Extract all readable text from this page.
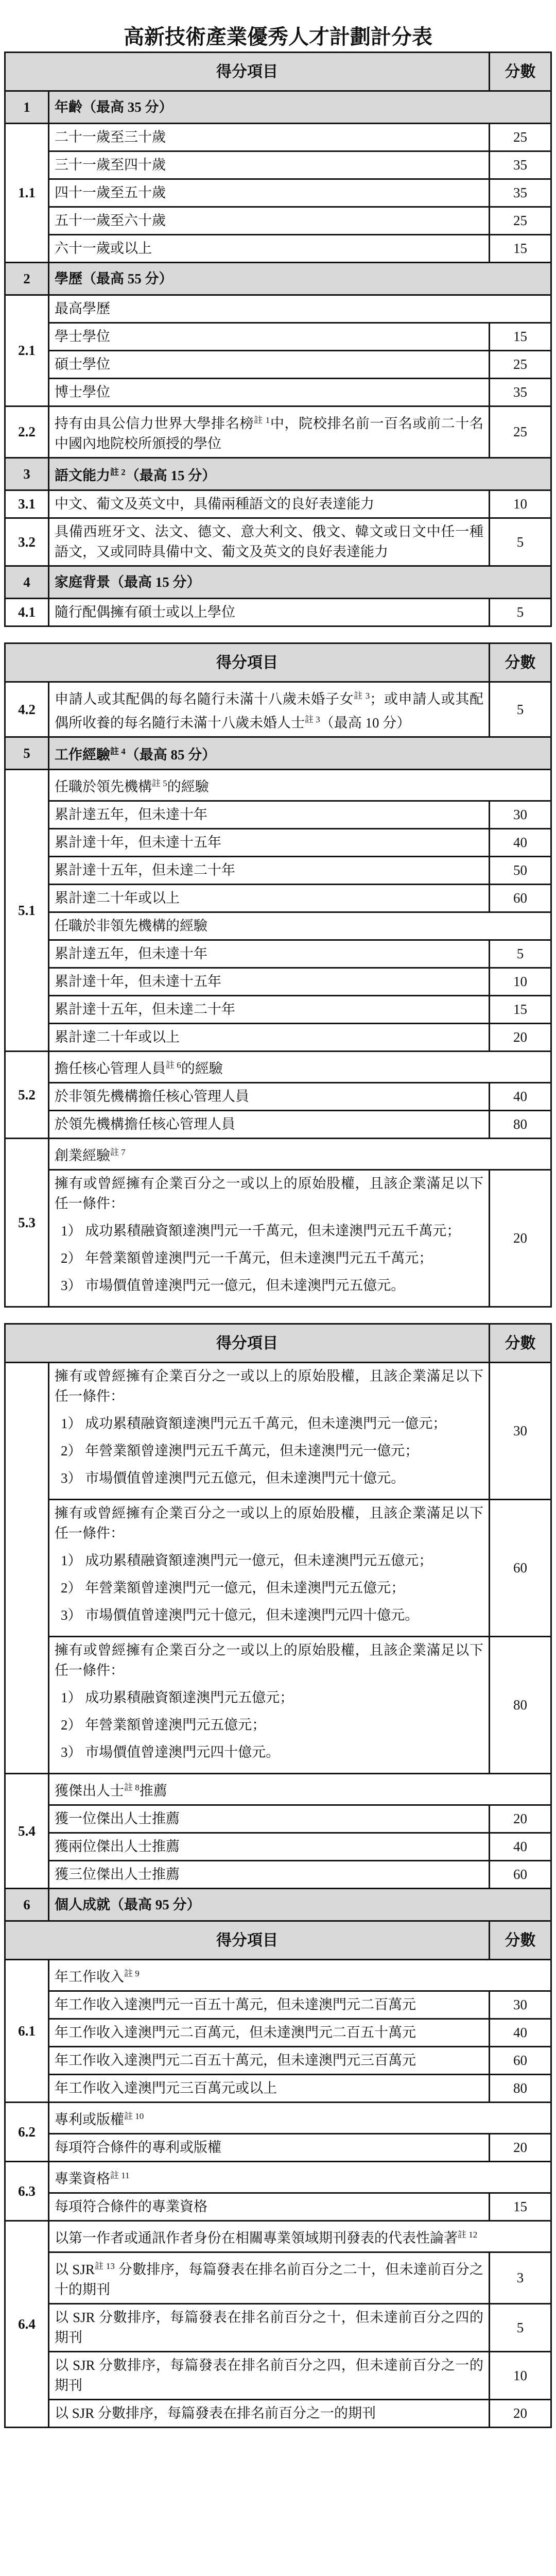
高新技術產業優秀人才計劃計分表
得分項目		分數
1	年齡（最高 35 分）	
1.1	二十一歲至三十歲	25
	三十一歲至四十歲	35
	四十一歲至五十歲	35
	五十一歲至六十歲	25
	六十一歲或以上	15
2	學歷（最高 55 分）	
2.1	最高學歷	
	學士學位	15
	碩士學位	25
	博士學位	35
2.2	持有由具公信力世界大學排名榜$^{註 1}$中，院校排名前一百名或前二十名中國內地院校所頒授的學位	25
3	語文能力$^{註 2}$（最高 15 分）	
3.1	中文、葡文及英文中，具備兩種語文的良好表達能力	10
3.2	具備西班牙文、法文、德文、意大利文、俄文、韓文或日文中任一種語文，又或同時具備中文、葡文及英文的良好表達能力	5
4	家庭背景（最高 15 分）	
4.1	隨行配偶擁有碩士或以上學位	5

得分項目		分數
4.2	申請人或其配偶的每名隨行未滿十八歲未婚子女$^{註 3}$；或申請人或其配偶所收養的每名隨行未滿十八歲未婚人士$^{註 3}$（最高 10 分）	5
5	工作經驗$^{註 4}$（最高 85 分）	
5.1	任職於領先機構$^{註 5}$的經驗	
	累計達五年，但未達十年	30
	累計達十年，但未達十五年	40
	累計達十五年，但未達二十年	50
	累計達二十年或以上	60
	任職於非領先機構的經驗	
	累計達五年，但未達十年	5
	累計達十年，但未達十五年	10
	累計達十五年，但未達二十年	15
	累計達二十年或以上	20
5.2	擔任核心管理人員$^{註 6}$的經驗	
	於非領先機構擔任核心管理人員	40
	於領先機構擔任核心管理人員	80
5.3	創業經驗$^{註 7}$

	擁有或曾經擁有企業百分之一或以上的原始股權，且該企業滿足以下任一條件：

1） 成功累積融資額達澳門元一千萬元，但未達澳門元五千萬元；

2） 年營業額曾達澳門元一千萬元，但未達澳門元五千萬元；

3） 市場價值曾達澳門元一億元，但未達澳門元五億元。	20

得分項目		分數

	擁有或曾經擁有企業百分之一或以上的原始股權，且該企業滿足以下任一條件：

1） 成功累積融資額達澳門元五千萬元，但未達澳門元一億元；

2） 年營業額曾達澳門元五千萬元，但未達澳門元一億元；

3） 市場價值曾達澳門元五億元，但未達澳門元十億元。	30

	擁有或曾經擁有企業百分之一或以上的原始股權，且該企業滿足以下任一條件：

1） 成功累積融資額達澳門元一億元，但未達澳門元五億元；

2） 年營業額曾達澳門元一億元，但未達澳門元五億元；

3） 市場價值曾達澳門元十億元，但未達澳門元四十億元。	60

	擁有或曾經擁有企業百分之一或以上的原始股權，且該企業滿足以下任一條件：

1） 成功累積融資額達澳門元五億元；

2） 年營業額曾達澳門元五億元；

3） 市場價值曾達澳門元四十億元。	80
5.4	獲傑出人士$^{註 8}$推薦	
	獲一位傑出人士推薦	20
	獲兩位傑出人士推薦	40
	獲三位傑出人士推薦	60
6	個人成就（最高 95 分）	
得分項目		分數
6.1	年工作收入$^{註 9}$
	年工作收入達澳門元一百五十萬元，但未達澳門元二百萬元	30
	年工作收入達澳門元二百萬元，但未達澳門元二百五十萬元	40
	年工作收入達澳門元二百五十萬元，但未達澳門元三百萬元	60
	年工作收入達澳門元三百萬元或以上	80
6.2	專利或版權$^{註 10}$
	每項符合條件的專利或版權	20
6.3	專業資格$^{註 11}$
	每項符合條件的專業資格	15
6.4	以第一作者或通訊作者身份在相關專業領域期刊發表的代表性論著$^{註 12}$
	以 $SJR^{註 13}$ 分數排序，每篇發表在排名前百分之二十，但未達前百分之十的期刊	3
	以 SJR 分數排序，每篇發表在排名前百分之十，但未達前百分之四的期刊	5
	以 SJR 分數排序，每篇發表在排名前百分之四，但未達前百分之一的期刊	10
	以 SJR 分數排序，每篇發表在排名前百分之一的期刊	20
